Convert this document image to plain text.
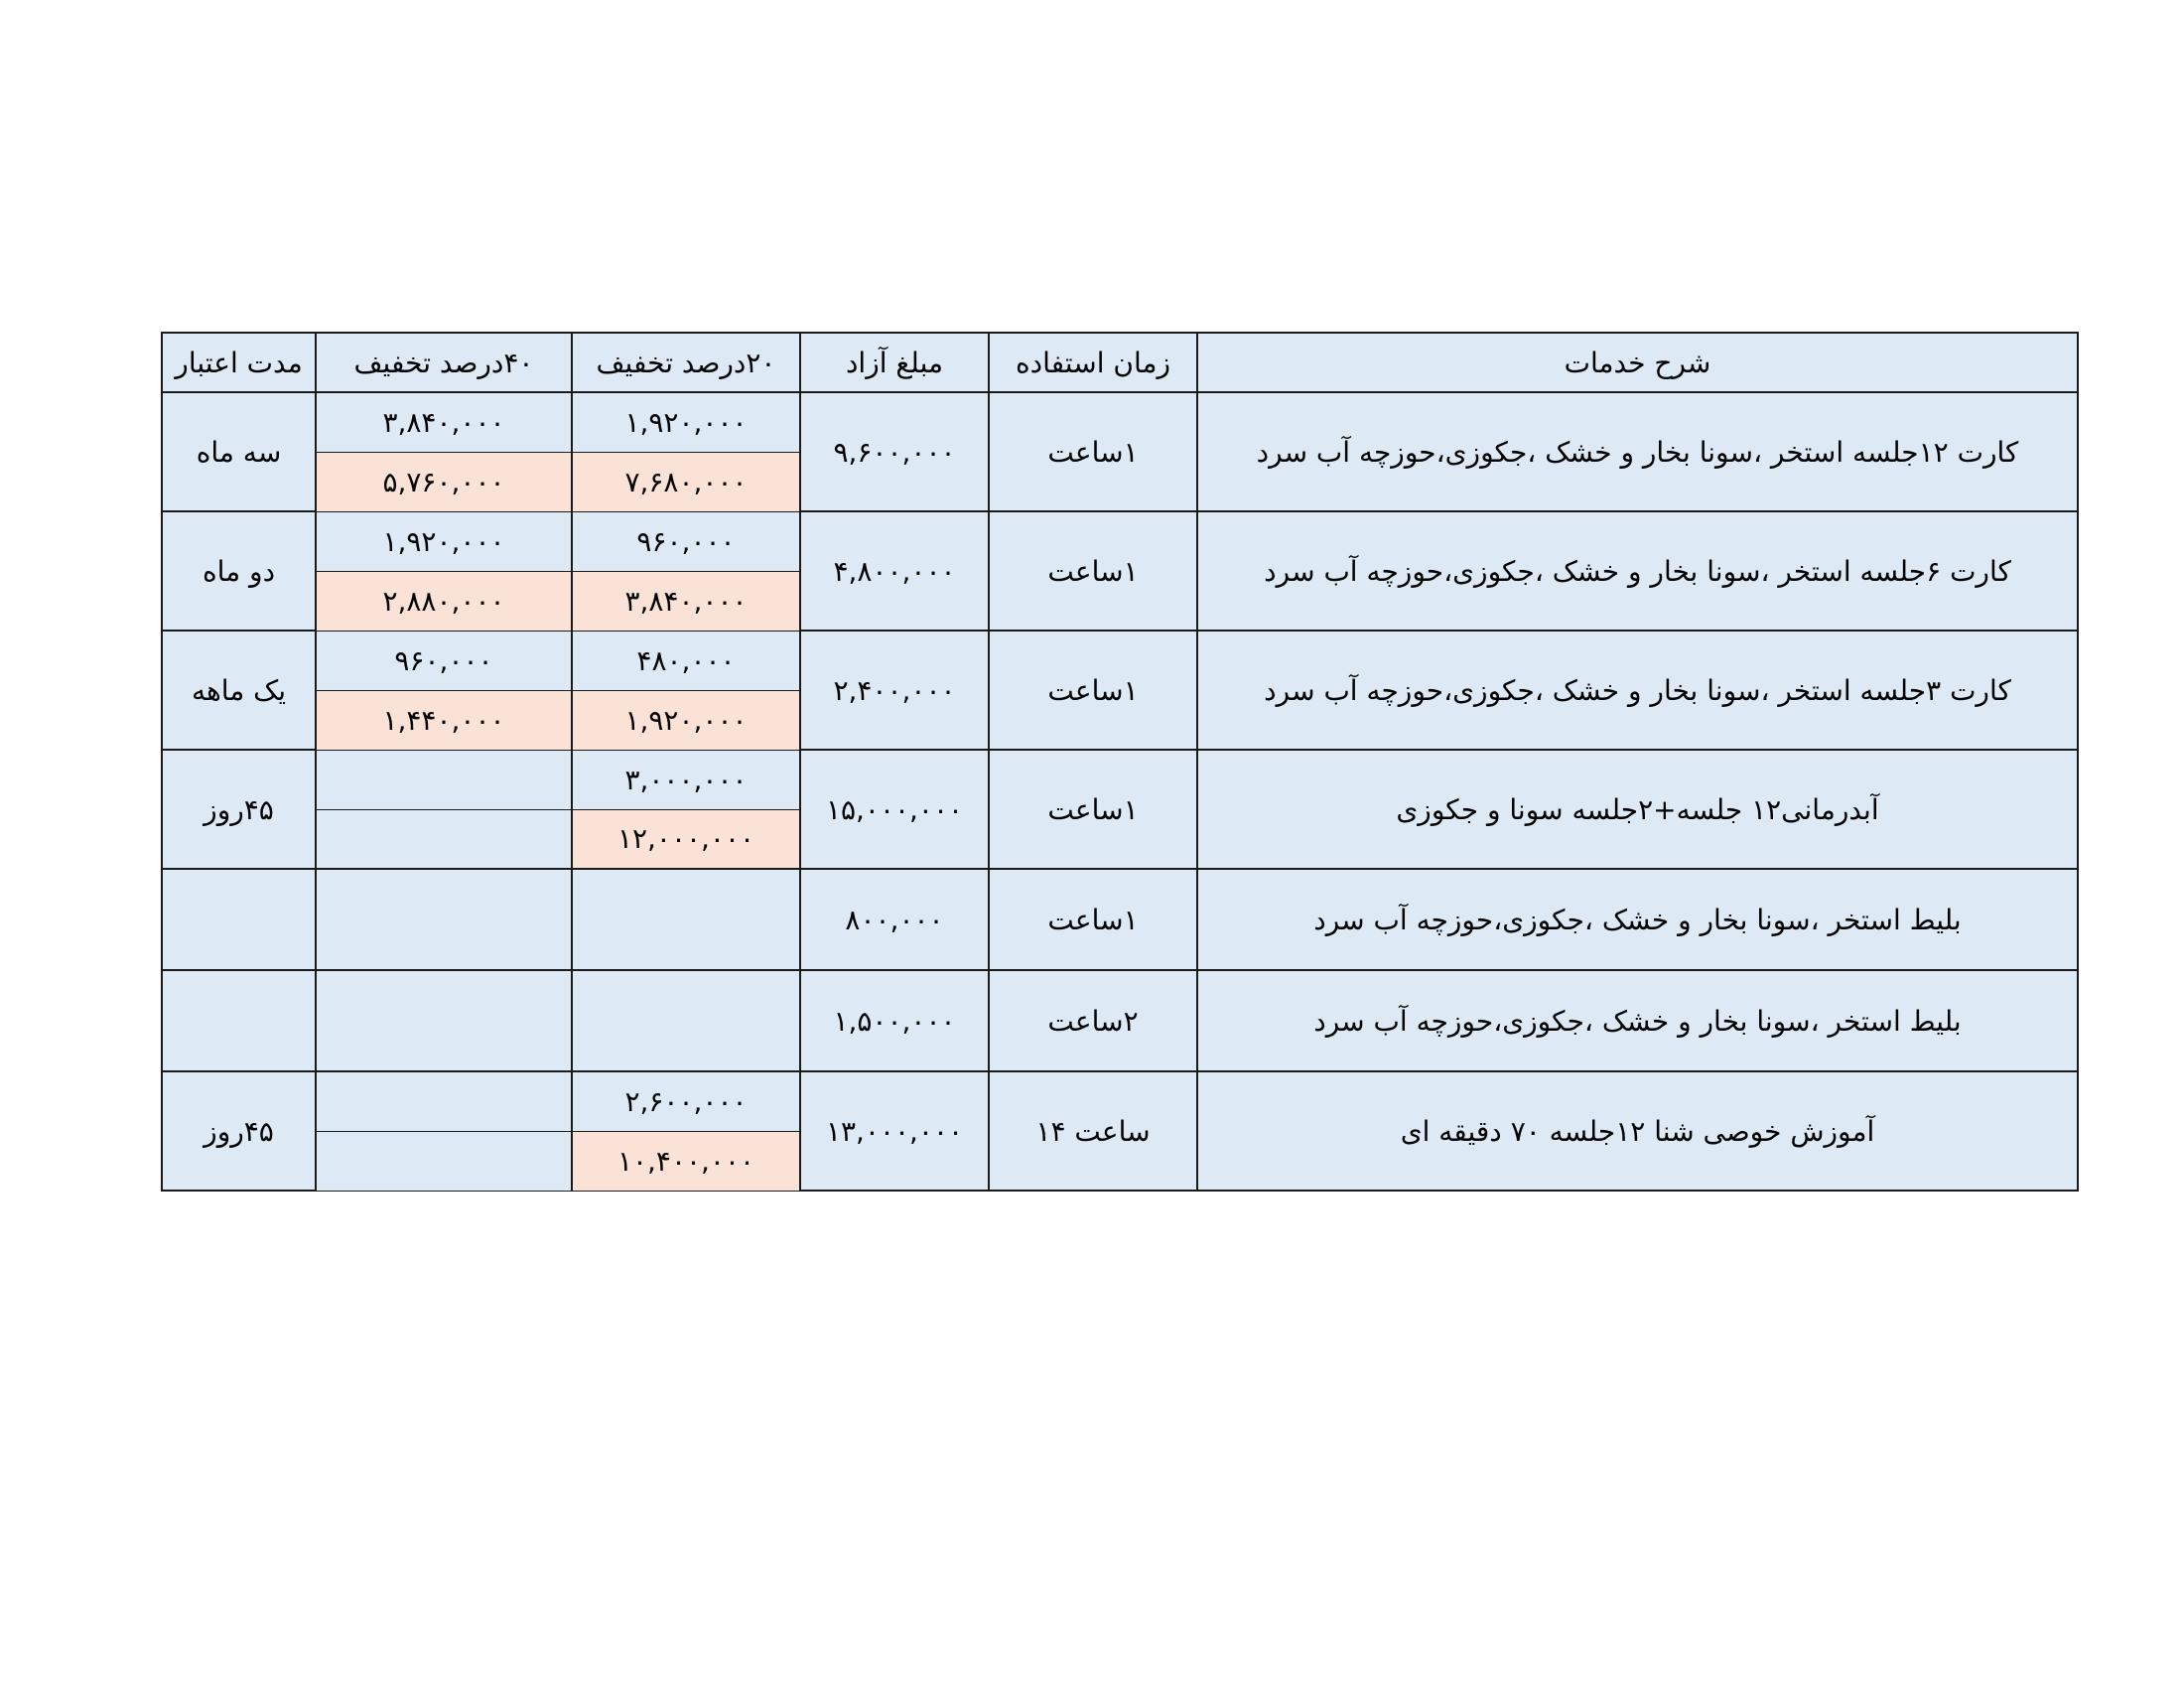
شرح خدمات	زمان استفاده	مبلغ آزاد	۲۰درصد تخفیف	۴۰درصد تخفیف	مدت اعتبار
کارت ۱۲جلسه استخر ،سونا بخار و خشک ،جکوزی،حوزچه آب سرد	۱ساعت	۹,۶۰۰,۰۰۰	۱,۹۲۰,۰۰۰	۳,۸۴۰,۰۰۰	سه ماه
			۷,۶۸۰,۰۰۰	۵,۷۶۰,۰۰۰	
کارت ۶جلسه استخر ،سونا بخار و خشک ،جکوزی،حوزچه آب سرد	۱ساعت	۴,۸۰۰,۰۰۰	۹۶۰,۰۰۰	۱,۹۲۰,۰۰۰	دو ماه
			۳,۸۴۰,۰۰۰	۲,۸۸۰,۰۰۰	
کارت ۳جلسه استخر ،سونا بخار و خشک ،جکوزی،حوزچه آب سرد	۱ساعت	۲,۴۰۰,۰۰۰	۴۸۰,۰۰۰	۹۶۰,۰۰۰	یک ماهه
			۱,۹۲۰,۰۰۰	۱,۴۴۰,۰۰۰	
آبدرمانی۱۲ جلسه+۲جلسه سونا و جکوزی	۱ساعت	۱۵,۰۰۰,۰۰۰	۳,۰۰۰,۰۰۰		۴۵روز
			۱۲,۰۰۰,۰۰۰		
بلیط استخر ،سونا بخار و خشک ،جکوزی،حوزچه آب سرد	۱ساعت	۸۰۰,۰۰۰			
بلیط استخر ،سونا بخار و خشک ،جکوزی،حوزچه آب سرد	۲ساعت	۱,۵۰۰,۰۰۰			
آموزش خوصی شنا ۱۲جلسه ۷۰ دقیقه ای	ساعت ۱۴	۱۳,۰۰۰,۰۰۰	۲,۶۰۰,۰۰۰		۴۵روز
			۱۰,۴۰۰,۰۰۰		
